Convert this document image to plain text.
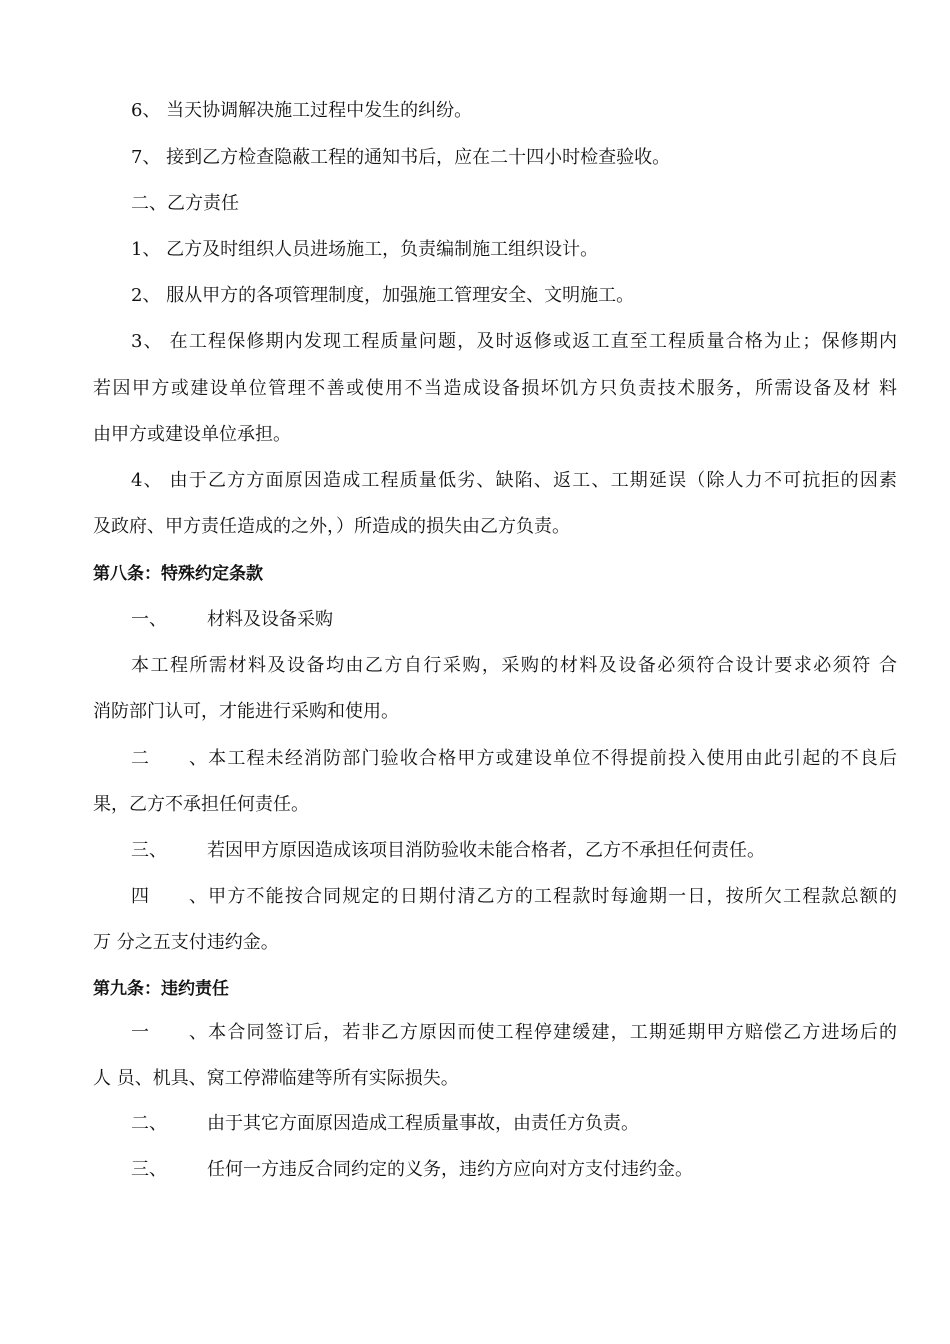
6、 当天协调解决施工过程中发生的纠纷。
7、 接到乙方检查隐蔽工程的通知书后，应在二十四小时检查验收。
二、乙方责任
1、 乙方及时组织人员进场施工，负责编制施工组织设计。
2、 服从甲方的各项管理制度，加强施工管理安全、文明施工。
3、 在工程保修期内发现工程质量问题，及时返修或返工直至工程质量合格为止；保修期内
若因甲方或建设单位管理不善或使用不当造成设备损坏饥方只负责技术服务，所需设备及材 料
由甲方或建设单位承担。
4、 由于乙方方面原因造成工程质量低劣、缺陷、返工、工期延误（除人力不可抗拒的因素
及政府、甲方责任造成的之外，）所造成的损失由乙方负责。
第八条：特殊约定条款
一、 材料及设备采购
本工程所需材料及设备均由乙方自行采购，采购的材料及设备必须符合设计要求必须符 合
消防部门认可，才能进行采购和使用。
二、本工程未经消防部门验收合格甲方或建设单位不得提前投入使用由此引起的不良后
果，乙方不承担任何责任。
三、 若因甲方原因造成该项目消防验收未能合格者，乙方不承担任何责任。
四、甲方不能按合同规定的日期付清乙方的工程款时每逾期一日，按所欠工程款总额的
万 分之五支付违约金。
第九条：违约责任
一、本合同签订后，若非乙方原因而使工程停建缓建，工期延期甲方赔偿乙方进场后的
人 员、机具、窝工停滞临建等所有实际损失。
二、 由于其它方面原因造成工程质量事故，由责任方负责。
三、 任何一方违反合同约定的义务，违约方应向对方支付违约金。
